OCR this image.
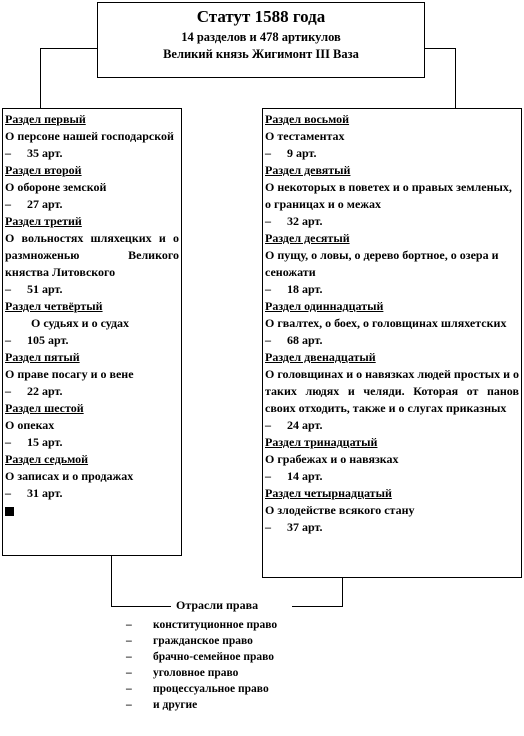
Статут 1588 года
14 разделов и 478 артикулов
Великий князь Жигимонт III Ваза
Раздел первый
О персоне нашей господарской
– 35 арт.
Раздел второй
О обороне земской
– 27 арт.
Раздел третий
О вольностях шляхецких и о размноженью Великого княства Литовского
– 51 арт.
Раздел четвёртый
О судьях и о судах
– 105 арт.
Раздел пятый
О праве посагу и о вене
– 22 арт.
Раздел шестой
О опеках
– 15 арт.
Раздел седьмой
О записах и о продажах
– 31 арт.
Раздел восьмой
О тестаментах
– 9 арт.
Раздел девятый
О некоторых в повeтех и о правых земленых, о границах и о межах
– 32 арт.
Раздел десятый
О пущу, о ловы, о дерево бортное, о озера и сеножати
– 18 арт.
Раздел одиннадцатый
О гвалтех, о боех, о головщинах шляхетских
– 68 арт.
Раздел двенадцатый
О головщинах и о навязках людей простых и о таких людях и челяди. Которая от панов своих отходить, также и о слугах приказных
– 24 арт.
Раздел тринадцатый
О грабежах и о навязках
– 14 арт.
Раздел четырнадцатый
О злодействе всякого стану
– 37 арт.
Отрасли права
– конституционное право
– гражданское право
– брачно-семейное право
– уголовное право
– процессуальное право
– и другие
